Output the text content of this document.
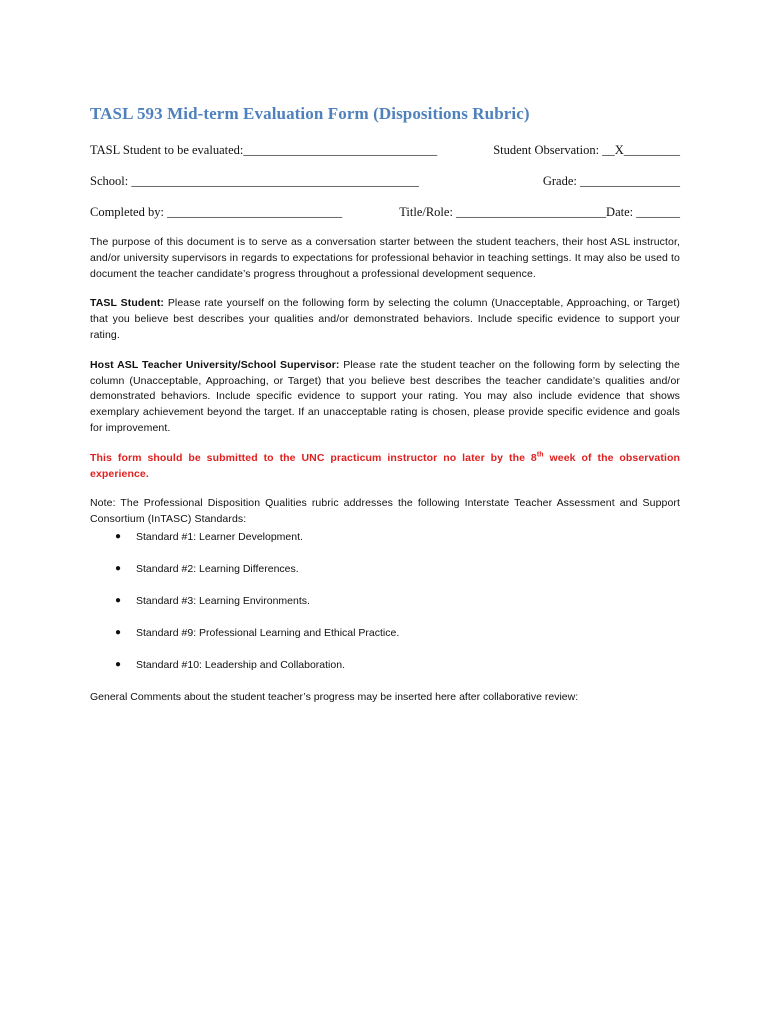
TASL 593 Mid-term Evaluation Form (Dispositions Rubric)
TASL Student to be evaluated:_______________________________	Student Observation: __X_________
School: ______________________________________________	Grade: ________________
Completed by: ____________________________	Title/Role: ________________________Date: _______

The purpose of this document is to serve as a conversation starter between the student teachers, their host ASL instructor, and/or university supervisors in regards to expectations for professional behavior in teaching settings. It may also be used to document the teacher candidate’s progress throughout a professional development sequence.

TASL Student: Please rate yourself on the following form by selecting the column (Unacceptable, Approaching, or Target) that you believe best describes your qualities and/or demonstrated behaviors. Include specific evidence to support your rating.

Host ASL Teacher University/School Supervisor: Please rate the student teacher on the following form by selecting the column (Unacceptable, Approaching, or Target) that you believe best describes the teacher candidate’s qualities and/or demonstrated behaviors. Include specific evidence to support your rating. You may also include evidence that shows exemplary achievement beyond the target. If an unacceptable rating is chosen, please provide specific evidence and goals for improvement.

This form should be submitted to the UNC practicum instructor no later by the 8th week of the observation experience.

Note: The Professional Disposition Qualities rubric addresses the following Interstate Teacher Assessment and Support Consortium (InTASC) Standards:

● Standard #1: Learner Development.
● Standard #2: Learning Differences.
● Standard #3: Learning Environments.
● Standard #9: Professional Learning and Ethical Practice.
● Standard #10: Leadership and Collaboration.

General Comments about the student teacher’s progress may be inserted here after collaborative review:
